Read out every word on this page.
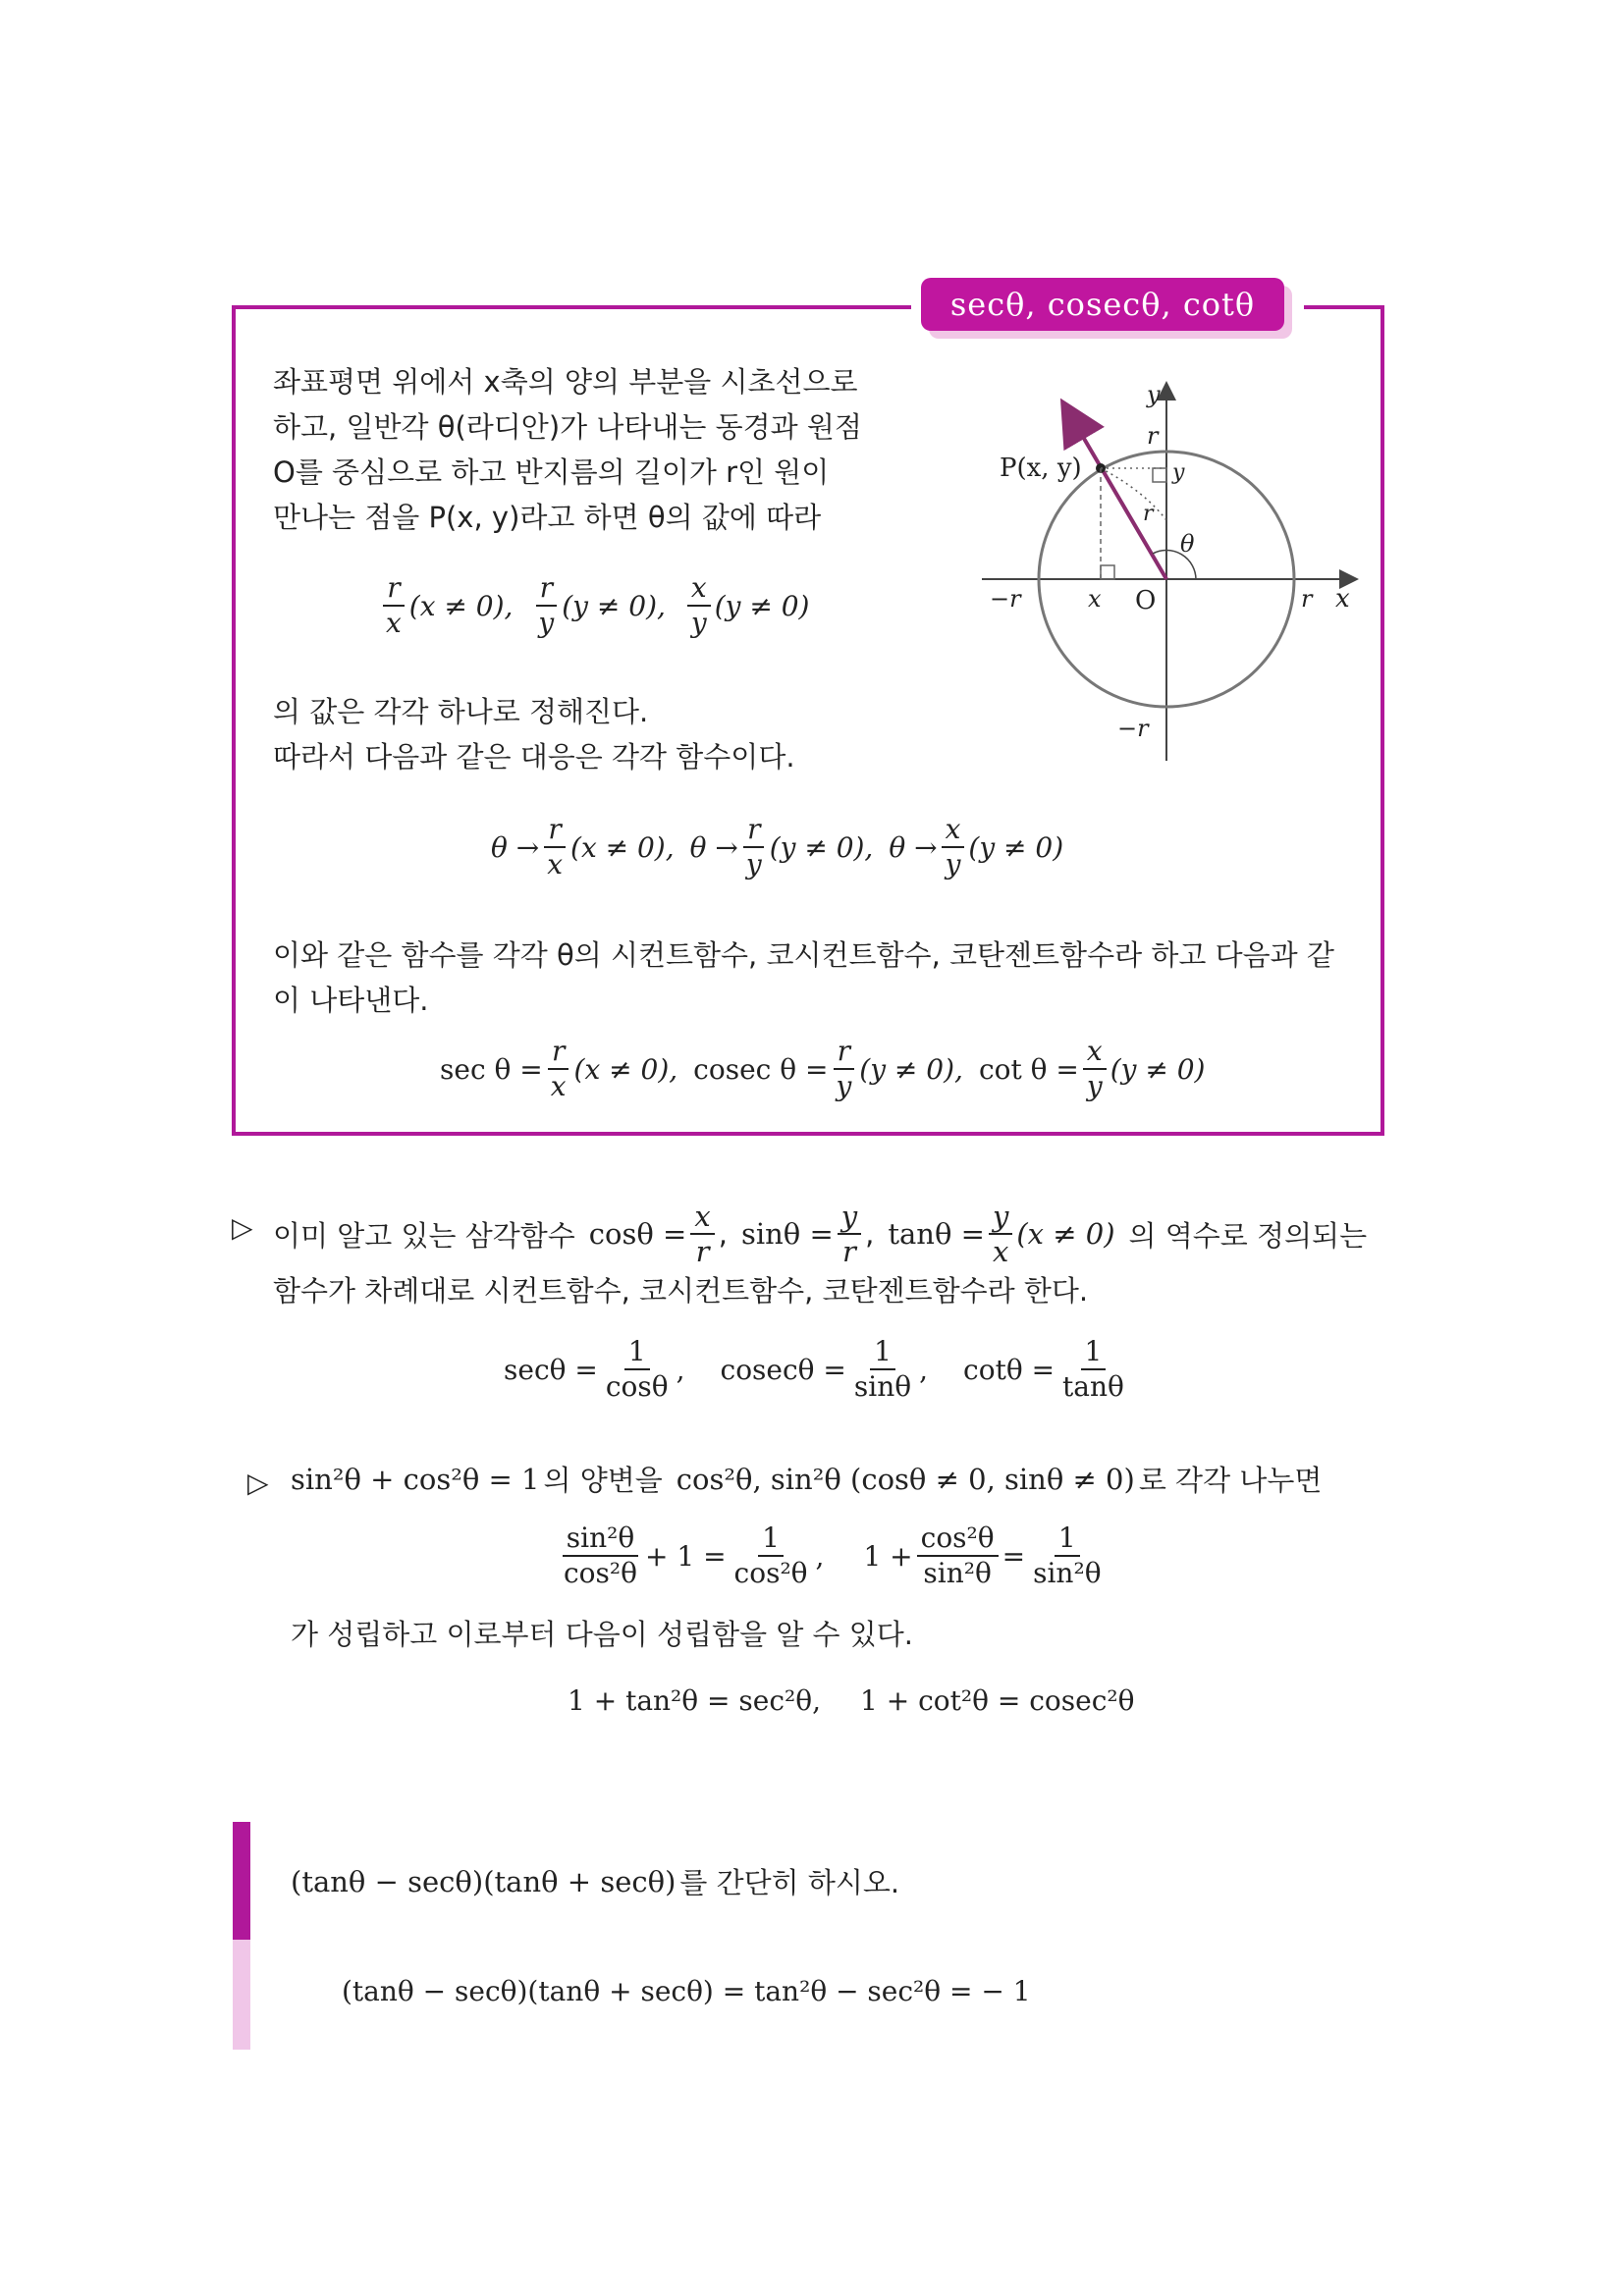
secθ, cosecθ, cotθ
좌표평면 위에서 x축의 양의 부분을 시초선으로
하고, 일반각 θ(라디안)가 나타내는 동경과 원점
O를 중심으로 하고 반지름의 길이가 r인 원이
만나는 점을 P(x, y)라고 하면 θ의 값에 따라
$\frac{r}{x} (x \ne 0)$, $\frac{r}{y} (y \ne 0)$, $\frac{x}{y} (y \ne 0)$
의 값은 각각 하나로 정해진다.
따라서 다음과 같은 대응은 각각 함수이다.
$\theta \to \frac{r}{x} (x \ne 0)$, $\theta \to \frac{r}{y} (y \ne 0)$, $\theta \to \frac{x}{y} (y \ne 0)$
이와 같은 함수를 각각 θ의 시컨트함수, 코시컨트함수, 코탄젠트함수라 하고 다음과 같
이 나타낸다.
$\sec \theta = \frac{r}{x} (x \ne 0)$, cosec $\theta = \frac{r}{y} (y \ne 0)$, $\cot \theta = \frac{x}{y} (y \ne 0)$
y
x
O
P(x, y)
r
−r
−r	r
r
θ
x
y
▷ 이미 알고 있는 삼각함수 $\cos\theta = \frac{x}{r}$ , $\sin\theta = \frac{y}{r}$ , $\tan\theta = \frac{y}{x} (x \ne 0)$ 의 역수로 정의되는
함수가 차례대로 시컨트함수, 코시컨트함수, 코탄젠트함수라 한다.
$\sec\theta = \frac{1}{\cos\theta}$ , $cosec\theta = \frac{1}{\sin\theta}$ , $\cot\theta = \frac{1}{\tan\theta}$
▷ sin²θ + cos²θ = 1 의 양변을 cos²θ, sin²θ (cosθ ≠ 0, sinθ ≠ 0) 로 각각 나누면
$\frac{\text{sin²θ}}{\text{cos²θ}} + 1 = \frac{1}{\text{cos²θ}}$ , $1 + \frac{\text{cos²θ}}{\text{sin²θ}} = \frac{1}{\text{sin²θ}}$
가 성립하고 이로부터 다음이 성립함을 알 수 있다.
1 + tan²θ = sec²θ, 1 + cot²θ = cosec²θ
(tanθ − secθ)(tanθ + secθ) 를 간단히 하시오.
(tanθ − secθ)(tanθ + secθ) = tan²θ − sec²θ = − 1
